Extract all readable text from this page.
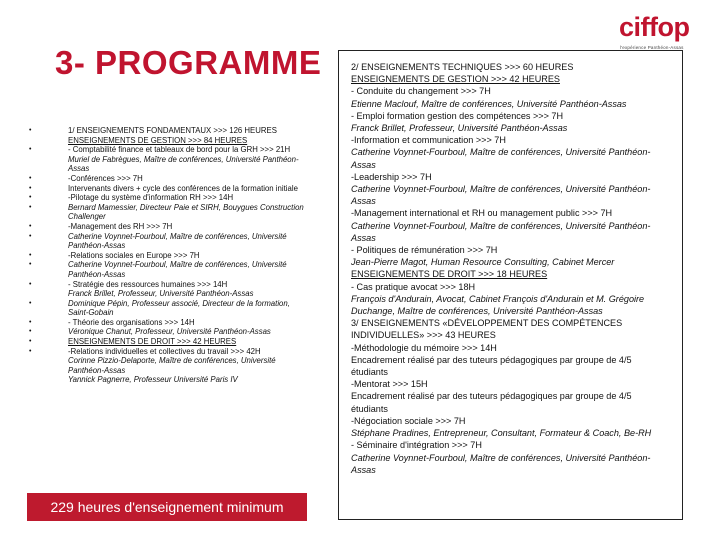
ciffop
l'expérience Panthéon-Assas
3- PROGRAMME
• 1/ ENSEIGNEMENTS FONDAMENTAUX >>> 126 HEURES
ENSEIGNEMENTS DE GESTION >>> 84 HEURES
• - Comptabilité finance et tableaux de bord pour la GRH >>> 21H
Muriel de Fabrègues, Maître de conférences, Université Panthéon-Assas
• -Conférences >>> 7H
• Intervenants divers + cycle des conférences de la formation initiale
• -Pilotage du système d'information RH >>> 14H
• Bernard Mamessier, Directeur Paie et SIRH, Bouygues Construction Challenger
• -Management des RH >>> 7H
• Catherine Voynnet-Fourboul, Maître de conférences, Université Panthéon-Assas
• -Relations sociales en Europe >>> 7H
• Catherine Voynnet-Fourboul, Maître de conférences, Université Panthéon-Assas
• - Stratégie des ressources humaines >>> 14H
Franck Brillet, Professeur, Université Panthéon-Assas
• Dominique Pépin, Professeur associé, Directeur de la formation, Saint-Gobain
• - Théorie des organisations >>> 14H
• Véronique Chanut, Professeur, Université Panthéon-Assas
• ENSEIGNEMENTS DE DROIT >>> 42 HEURES
• -Relations individuelles et collectives du travail >>> 42H
Corinne Pizzio-Delaporte, Maître de conférences, Université Panthéon-Assas
Yannick Pagnerre, Professeur Université Paris IV
229 heures d'enseignement minimum
2/ ENSEIGNEMENTS TECHNIQUES >>> 60 HEURES
ENSEIGNEMENTS DE GESTION >>> 42 HEURES
- Conduite du changement >>> 7H
Etienne Maclouf, Maître de conférences, Université Panthéon-Assas
- Emploi formation gestion des compétences >>> 7H
Franck Brillet, Professeur, Université Panthéon-Assas
-Information et communication >>> 7H
Catherine Voynnet-Fourboul, Maître de conférences, Université Panthéon-
Assas
-Leadership >>> 7H
Catherine Voynnet-Fourboul, Maître de conférences, Université Panthéon-
Assas
-Management international et RH ou management public >>> 7H
Catherine Voynnet-Fourboul, Maître de conférences, Université Panthéon-
Assas
- Politiques de rémunération >>> 7H
Jean-Pierre Magot, Human Resource Consulting, Cabinet Mercer
ENSEIGNEMENTS DE DROIT >>> 18 HEURES
- Cas pratique avocat >>> 18H
François d'Andurain, Avocat, Cabinet François d'Andurain et M. Grégoire
Duchange, Maître de conférences, Université Panthéon-Assas
3/ ENSEIGNEMENTS «DÉVELOPPEMENT DES COMPÉTENCES
INDIVIDUELLES» >>> 43 HEURES
-Méthodologie du mémoire >>> 14H
Encadrement réalisé par des tuteurs pédagogiques par groupe de 4/5
étudiants
-Mentorat >>> 15H
Encadrement réalisé par des tuteurs pédagogiques par groupe de 4/5
étudiants
-Négociation sociale >>> 7H
Stéphane Pradines, Entrepreneur, Consultant, Formateur & Coach, Be-RH
- Séminaire d'intégration >>> 7H
Catherine Voynnet-Fourboul, Maître de conférences, Université Panthéon-
Assas
